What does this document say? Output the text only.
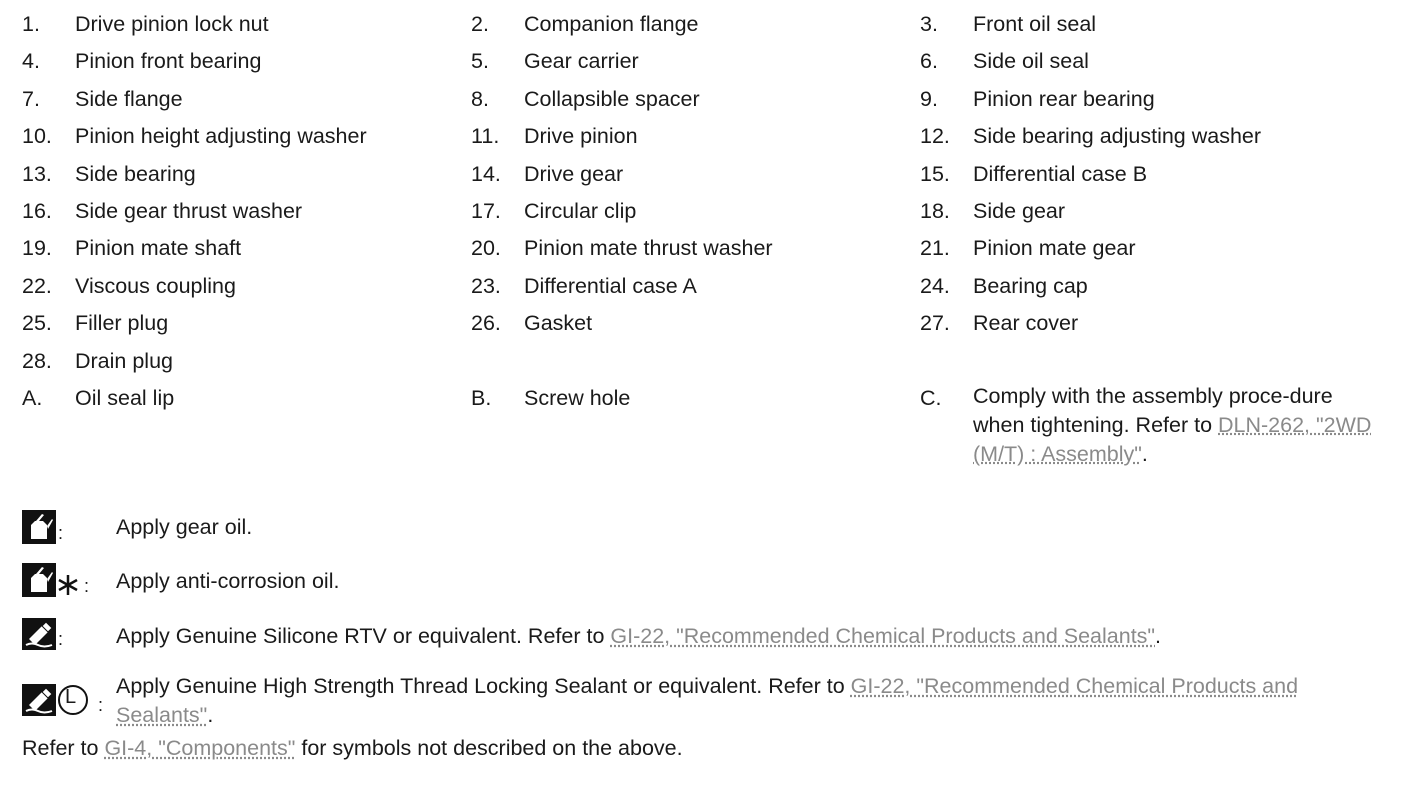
1. Drive pinion lock nut	2. Companion flange	3. Front oil seal
4. Pinion front bearing	5. Gear carrier	6. Side oil seal
7. Side flange	8. Collapsible spacer	9. Pinion rear bearing
10. Pinion height adjusting washer	11. Drive pinion	12. Side bearing adjusting washer
13. Side bearing	14. Drive gear	15. Differential case B
16. Side gear thrust washer	17. Circular clip	18. Side gear
19. Pinion mate shaft	20. Pinion mate thrust washer	21. Pinion mate gear
22. Viscous coupling	23. Differential case A	24. Bearing cap
25. Filler plug	26. Gasket	27. Rear cover
28. Drain plug
A. Oil seal lip	B. Screw hole	C. Comply with the assembly proce-dure when tightening. Refer to DLN-262, "2WD (M/T) : Assembly".
: Apply gear oil.
: Apply anti-corrosion oil.
: Apply Genuine Silicone RTV or equivalent. Refer to GI-22, "Recommended Chemical Products and Sealants".

L :
Apply Genuine High Strength Thread Locking Sealant or equivalent. Refer to GI-22, "Recommended Chemical Products and Sealants".
Refer to GI-4, "Components" for symbols not described on the above.
